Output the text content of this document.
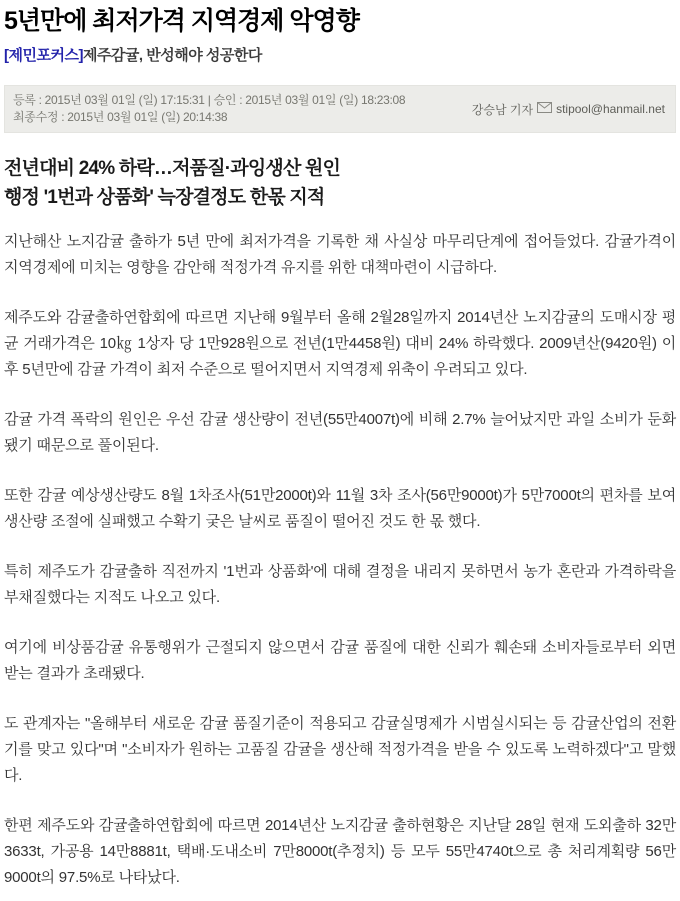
5년만에 최저가격 지역경제 악영향
[제민포커스]제주감귤, 반성해야 성공한다
등록 : 2015년 03월 01일 (일) 17:15:31 | 승인 : 2015년 03월 01일 (일) 18:23:08
최종수정 : 2015년 03월 01일 (일) 20:14:38
강승남 기자 stipool@hanmail.net
전년대비 24% 하락…저품질·과잉생산 원인
행정 '1번과 상품화' 늑장결정도 한몫 지적

지난해산 노지감귤 출하가 5년 만에 최저가격을 기록한 채 사실상 마무리단계에 접어들었다. 감귤가격이 지역경제에 미치는 영향을 감안해 적정가격 유지를 위한 대책마련이 시급하다.

제주도와 감귤출하연합회에 따르면 지난해 9월부터 올해 2월28일까지 2014년산 노지감귤의 도매시장 평균 거래가격은 10㎏ 1상자 당 1만928원으로 전년(1만4458원) 대비 24% 하락했다. 2009년산(9420원) 이후 5년만에 감귤 가격이 최저 수준으로 떨어지면서 지역경제 위축이 우려되고 있다.

감귤 가격 폭락의 원인은 우선 감귤 생산량이 전년(55만4007t)에 비해 2.7% 늘어났지만 과일 소비가 둔화됐기 때문으로 풀이된다.

또한 감귤 예상생산량도 8월 1차조사(51만2000t)와 11월 3차 조사(56만9000t)가 5만7000t의 편차를 보여 생산량 조절에 실패했고 수확기 궂은 날씨로 품질이 떨어진 것도 한 몫 했다.

특히 제주도가 감귤출하 직전까지 '1번과 상품화'에 대해 결정을 내리지 못하면서 농가 혼란과 가격하락을 부채질했다는 지적도 나오고 있다.

여기에 비상품감귤 유통행위가 근절되지 않으면서 감귤 품질에 대한 신뢰가 훼손돼 소비자들로부터 외면 받는 결과가 초래됐다.

도 관계자는 "올해부터 새로운 감귤 품질기준이 적용되고 감귤실명제가 시범실시되는 등 감귤산업의 전환기를 맞고 있다"며 "소비자가 원하는 고품질 감귤을 생산해 적정가격을 받을 수 있도록 노력하겠다"고 말했다.

한편 제주도와 감귤출하연합회에 따르면 2014년산 노지감귤 출하현황은 지난달 28일 현재 도외출하 32만3633t, 가공용 14만8881t, 택배·도내소비 7만8000t(추정치) 등 모두 55만4740t으로 총 처리계획량 56만9000t의 97.5%로 나타났다.
